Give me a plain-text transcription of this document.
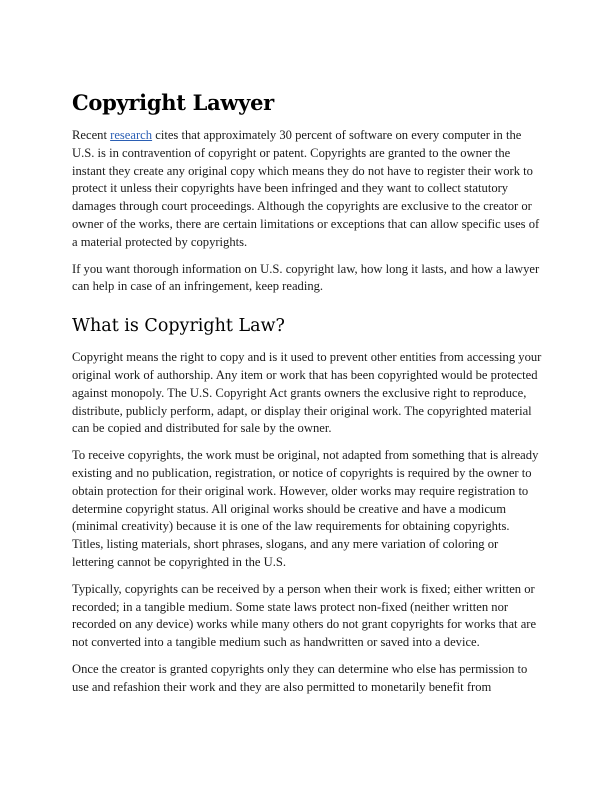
Copyright Lawyer

Recent research cites that approximately 30 percent of software on every computer in the U.S. is in contravention of copyright or patent. Copyrights are granted to the owner the instant they create any original copy which means they do not have to register their work to protect it unless their copyrights have been infringed and they want to collect statutory damages through court proceedings. Although the copyrights are exclusive to the creator or owner of the works, there are certain limitations or exceptions that can allow specific uses of a material protected by copyrights.

If you want thorough information on U.S. copyright law, how long it lasts, and how a lawyer can help in case of an infringement, keep reading.

What is Copyright Law?

Copyright means the right to copy and is it used to prevent other entities from accessing your original work of authorship. Any item or work that has been copyrighted would be protected against monopoly. The U.S. Copyright Act grants owners the exclusive right to reproduce, distribute, publicly perform, adapt, or display their original work. The copyrighted material can be copied and distributed for sale by the owner.

To receive copyrights, the work must be original, not adapted from something that is already existing and no publication, registration, or notice of copyrights is required by the owner to obtain protection for their original work. However, older works may require registration to determine copyright status. All original works should be creative and have a modicum (minimal creativity) because it is one of the law requirements for obtaining copyrights. Titles, listing materials, short phrases, slogans, and any mere variation of coloring or lettering cannot be copyrighted in the U.S.

Typically, copyrights can be received by a person when their work is fixed; either written or recorded; in a tangible medium. Some state laws protect non-fixed (neither written nor recorded on any device) works while many others do not grant copyrights for works that are not converted into a tangible medium such as handwritten or saved into a device.

Once the creator is granted copyrights only they can determine who else has permission to use and refashion their work and they are also permitted to monetarily benefit from
